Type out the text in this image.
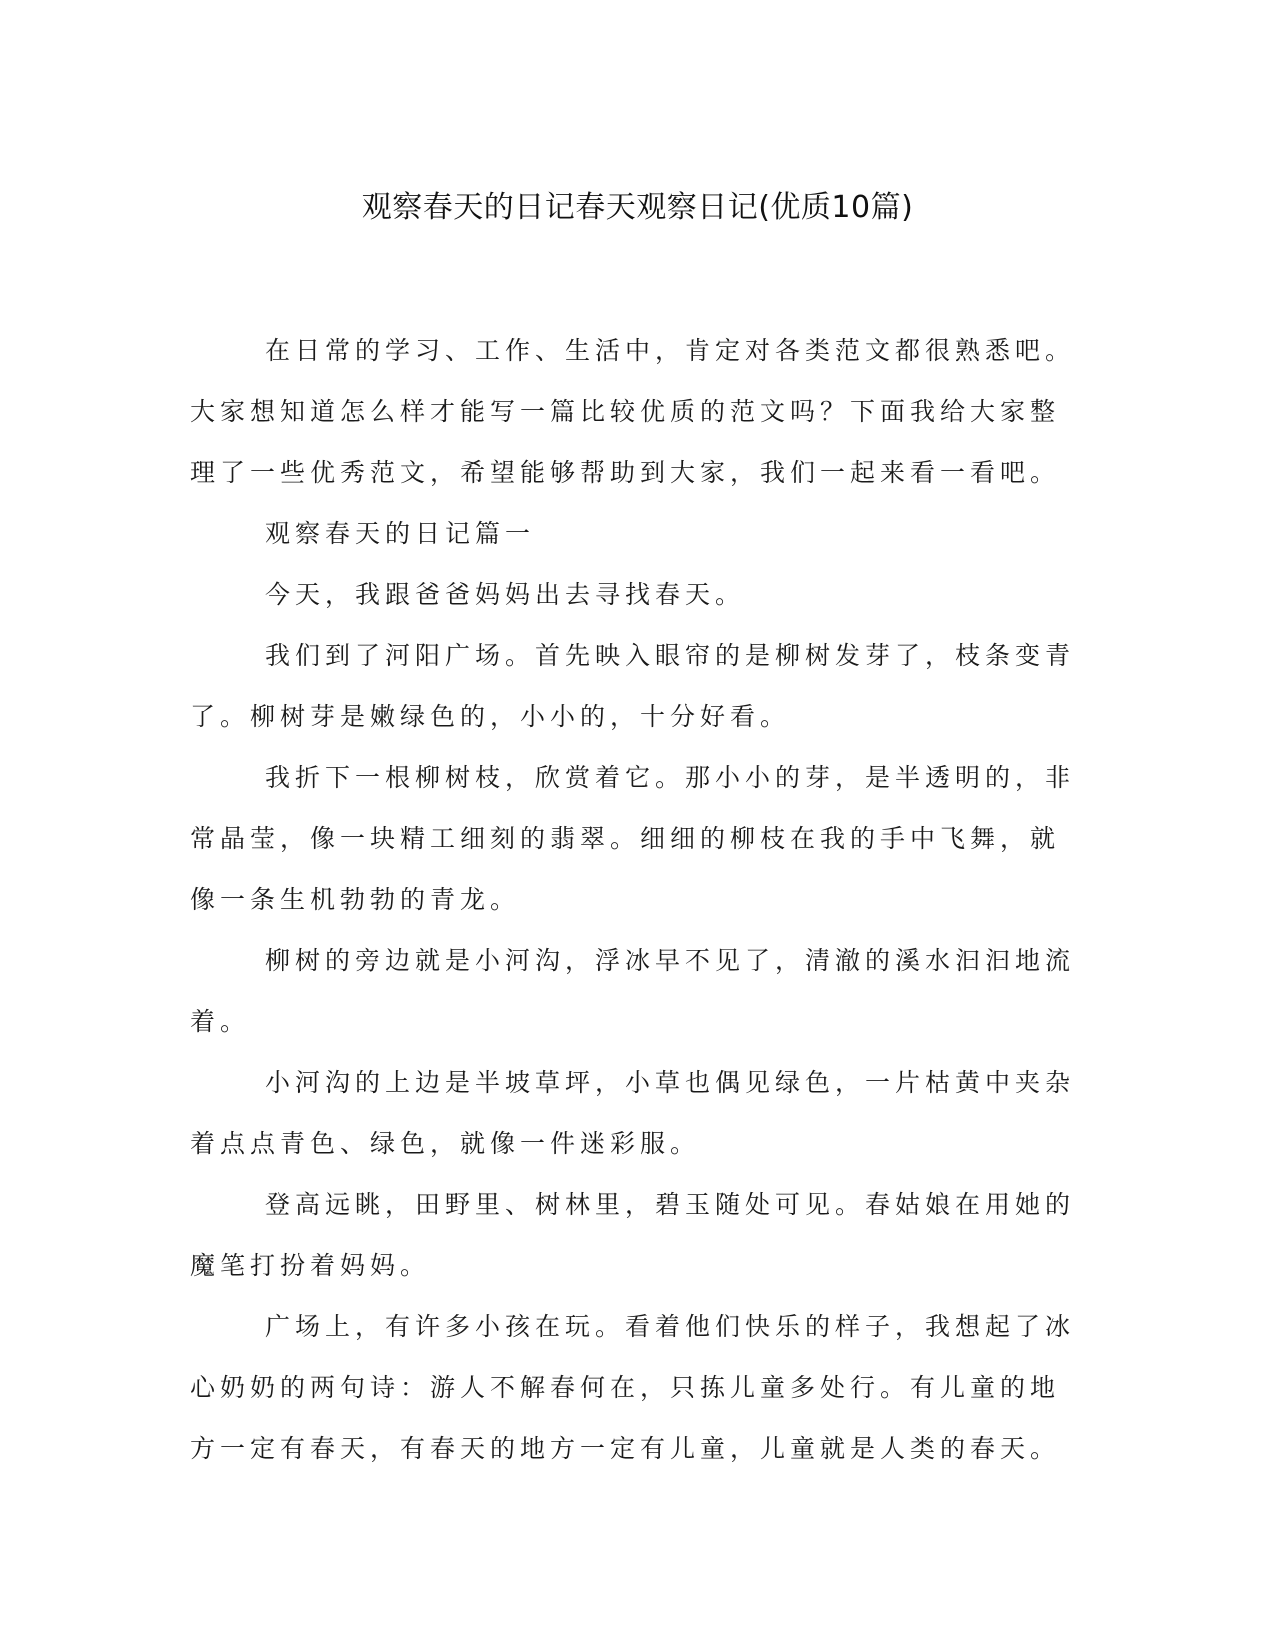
观察春天的日记春天观察日记(优质10篇)

在日常的学习、工作、生活中，肯定对各类范文都很熟悉吧。大家想知道怎么样才能写一篇比较优质的范文吗？下面我给大家整理了一些优秀范文，希望能够帮助到大家，我们一起来看一看吧。

观察春天的日记篇一

今天，我跟爸爸妈妈出去寻找春天。

我们到了河阳广场。首先映入眼帘的是柳树发芽了，枝条变青了。柳树芽是嫩绿色的，小小的，十分好看。

我折下一根柳树枝，欣赏着它。那小小的芽，是半透明的，非常晶莹，像一块精工细刻的翡翠。细细的柳枝在我的手中飞舞，就像一条生机勃勃的青龙。

柳树的旁边就是小河沟，浮冰早不见了，清澈的溪水汩汩地流着。

小河沟的上边是半坡草坪，小草也偶见绿色，一片枯黄中夹杂着点点青色、绿色，就像一件迷彩服。

登高远眺，田野里、树林里，碧玉随处可见。春姑娘在用她的魔笔打扮着妈妈。

广场上，有许多小孩在玩。看着他们快乐的样子，我想起了冰心奶奶的两句诗：游人不解春何在，只拣儿童多处行。有儿童的地方一定有春天，有春天的地方一定有儿童，儿童就是人类的春天。
